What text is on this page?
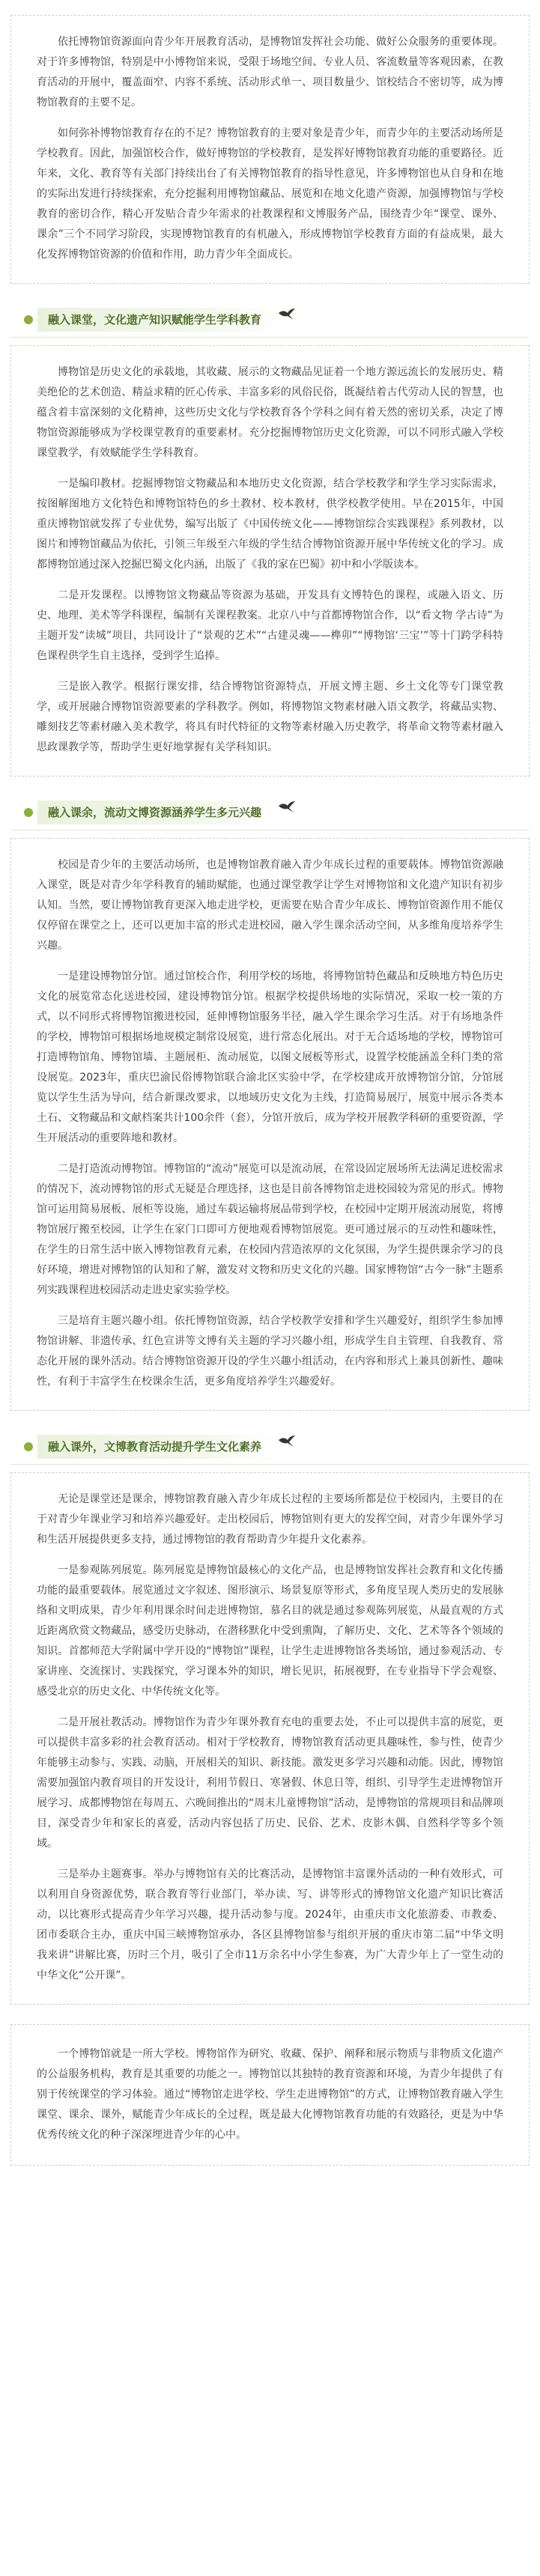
依托博物馆资源面向青少年开展教育活动，是博物馆发挥社会功能、做好公众服务的重要体现。对于许多博物馆，特别是中小博物馆来说，受限于场地空间、专业人员、客流数量等客观因素，在教育活动的开展中，覆盖面窄、内容不系统、活动形式单一、项目数量少、馆校结合不密切等，成为博物馆教育的主要不足。

如何弥补博物馆教育存在的不足？博物馆教育的主要对象是青少年，而青少年的主要活动场所是学校教育。因此，加强馆校合作，做好博物馆的学校教育，是发挥好博物馆教育功能的重要路径。近年来，文化、教育等有关部门持续出台了有关博物馆教育的指导性意见，许多博物馆也从自身和在地的实际出发进行持续探索，充分挖掘利用博物馆藏品、展览和在地文化遗产资源，加强博物馆与学校教育的密切合作，精心开发贴合青少年需求的社教课程和文博服务产品，围绕青少年“课堂、课外、课余”三个不同学习阶段，实现博物馆教育的有机融入，形成博物馆学校教育方面的有益成果，最大化发挥博物馆资源的价值和作用，助力青少年全面成长。

融入课堂，文化遗产知识赋能学生学科教育

博物馆是历史文化的承载地，其收藏、展示的文物藏品见证着一个地方源远流长的发展历史、精美绝伦的艺术创造、精益求精的匠心传承、丰富多彩的风俗民俗，既凝结着古代劳动人民的智慧，也蕴含着丰富深刻的文化精神，这些历史文化与学校教育各个学科之间有着天然的密切关系，决定了博物馆资源能够成为学校课堂教育的重要素材。充分挖掘博物馆历史文化资源，可以不同形式融入学校课堂教学，有效赋能学生学科教育。

一是编印教材。挖掘博物馆文物藏品和本地历史文化资源，结合学校教学和学生学习实际需求，按图解图地方文化特色和博物馆特色的乡土教材、校本教材，供学校教学使用。早在2015年，中国重庆博物馆就发挥了专业优势，编写出版了《中国传统文化——博物馆综合实践课程》系列教材，以图片和博物馆藏品为依托，引领三年级至六年级的学生结合博物馆资源开展中华传统文化的学习。成都博物馆通过深入挖掘巴蜀文化内涵，出版了《我的家在巴蜀》初中和小学版读本。

二是开发课程。以博物馆文物藏品等资源为基础，开发具有文博特色的课程，或融入语文、历史、地理、美术等学科课程，编制有关课程教案。北京八中与首都博物馆合作，以“看文物 学古诗”为主题开发“读城”项目，共同设计了“景观的艺术”“古建灵魂——榫卯”“博物馆‘三宝’”等十门跨学科特色课程供学生自主选择，受到学生追捧。

三是嵌入教学。根据行课安排，结合博物馆资源特点，开展文博主题、乡土文化等专门课堂教学，或开展融合博物馆资源要素的学科教学。例如，将博物馆文物素材融入语文教学，将藏品实物、雕刻技艺等素材融入美术教学，将具有时代特征的文物等素材融入历史教学，将革命文物等素材融入思政课教学等，帮助学生更好地掌握有关学科知识。

融入课余，流动文博资源涵养学生多元兴趣

校园是青少年的主要活动场所，也是博物馆教育融入青少年成长过程的重要载体。博物馆资源融入课堂，既是对青少年学科教育的辅助赋能，也通过课堂教学让学生对博物馆和文化遗产知识有初步认知。当然，要让博物馆教育更深入地走进学校，更需要在贴合青少年成长、博物馆资源作用不能仅仅停留在课堂之上，还可以更加丰富的形式走进校园，融入学生课余活动空间，从多维角度培养学生兴趣。

一是建设博物馆分馆。通过馆校合作，利用学校的场地，将博物馆特色藏品和反映地方特色历史文化的展览常态化送进校园，建设博物馆分馆。根据学校提供场地的实际情况，采取一校一策的方式，以不同形式将博物馆搬进校园，延伸博物馆服务半径，融入学生课余学习生活。对于有场地条件的学校，博物馆可根据场地规模定制常设展览，进行常态化展出。对于无合适场地的学校，博物馆可打造博物馆角、博物馆墙、主题展柜、流动展览，以图文展板等形式，设置学校能涵盖全科门类的常设展览。2023年，重庆巴渝民俗博物馆联合渝北区实验中学，在学校建成开放博物馆分馆，分馆展览以学生生活为导向，结合新课改要求，以地域历史文化为主线，打造简易展厅，展览中展示各类本土石、文物藏品和文献档案共计100余件（套），分馆开放后，成为学校开展教学科研的重要资源，学生开展活动的重要阵地和教材。

二是打造流动博物馆。博物馆的“流动”展览可以是流动展，在常设固定展场所无法满足进校需求的情况下，流动博物馆的形式无疑是合理选择，这也是目前各博物馆走进校园较为常见的形式。博物馆可运用简易展板、展柜等设施，通过车载运输将展品带到学校，在校园中定期开展流动展览，将博物馆展厅搬至校园，让学生在家门口即可方便地观看博物馆展览。更可通过展示的互动性和趣味性，在学生的日常生活中嵌入博物馆教育元素，在校园内营造浓厚的文化氛围，为学生提供课余学习的良好环境，增进对博物馆的认知和了解，激发对文物和历史文化的兴趣。国家博物馆“古今一脉”主题系列实践课程进校园活动走进史家实验学校。

三是培育主题兴趣小组。依托博物馆资源，结合学校教学安排和学生兴趣爱好，组织学生参加博物馆讲解、非遗传承、红色宣讲等文博有关主题的学习兴趣小组，形成学生自主管理、自我教育、常态化开展的课外活动。结合博物馆资源开设的学生兴趣小组活动，在内容和形式上兼具创新性、趣味性，有利于丰富学生在校课余生活，更多角度培养学生兴趣爱好。

融入课外，文博教育活动提升学生文化素养

无论是课堂还是课余，博物馆教育融入青少年成长过程的主要场所都是位于校园内，主要目的在于对青少年课业学习和培养兴趣爱好。走出校园后，博物馆则有更大的发挥空间，对青少年课外学习和生活开展提供更多支持，通过博物馆的教育帮助青少年提升文化素养。

一是参观陈列展览。陈列展览是博物馆最核心的文化产品，也是博物馆发挥社会教育和文化传播功能的最重要载体。展览通过文字叙述、图形演示、场景复原等形式，多角度呈现人类历史的发展脉络和文明成果，青少年利用课余时间走进博物馆，慕名目的就是通过参观陈列展览，从最直观的方式近距离欣赏文物藏品，感受历史脉动，在潜移默化中受到熏陶，了解历史、文化、艺术等各个领域的知识。首都师范大学附属中学开设的“博物馆”课程，让学生走进博物馆各类场馆，通过参观活动、专家讲座、交流探讨、实践探究，学习课本外的知识，增长见识，拓展视野，在专业指导下学会观察、感受北京的历史文化、中华传统文化等。

二是开展社教活动。博物馆作为青少年课外教育充电的重要去处，不止可以提供丰富的展览，更可以提供丰富多彩的社会教育活动。相对于学校教育，博物馆教育活动更具趣味性，参与性，使青少年能够主动参与、实践、动脑，开展相关的知识、新技能。激发更多学习兴趣和动能。因此，博物馆需要加强馆内教育项目的开发设计，利用节假日、寒暑假、休息日等，组织、引导学生走进博物馆开展学习、成都博物馆在每周五、六晚间推出的“周末儿童博物馆”活动，是博物馆的常规项目和品牌项目，深受青少年和家长的喜爱，活动内容包括了历史、民俗、艺术、皮影木偶、自然科学等多个领域。

三是举办主题赛事。举办与博物馆有关的比赛活动，是博物馆丰富课外活动的一种有效形式，可以利用自身资源优势，联合教育等行业部门，举办读、写、讲等形式的博物馆文化遗产知识比赛活动，以比赛形式提高青少年学习兴趣，提升活动参与度。2024年，由重庆市文化旅游委、市教委、团市委联合主办，重庆中国三峡博物馆承办，各区县博物馆参与组织开展的重庆市第二届“中华文明我来讲”讲解比赛，历时三个月，吸引了全市11万余名中小学生参赛，为广大青少年上了一堂生动的中华文化“公开课”。

一个博物馆就是一所大学校。博物馆作为研究、收藏、保护、阐释和展示物质与非物质文化遗产的公益服务机构，教育是其重要的功能之一。博物馆以其独特的教育资源和环境，为青少年提供了有别于传统课堂的学习体验。通过“博物馆走进学校、学生走进博物馆”的方式，让博物馆教育融入学生课堂、课余、课外，赋能青少年成长的全过程，既是最大化博物馆教育功能的有效路径，更是为中华优秀传统文化的种子深深埋进青少年的心中。
